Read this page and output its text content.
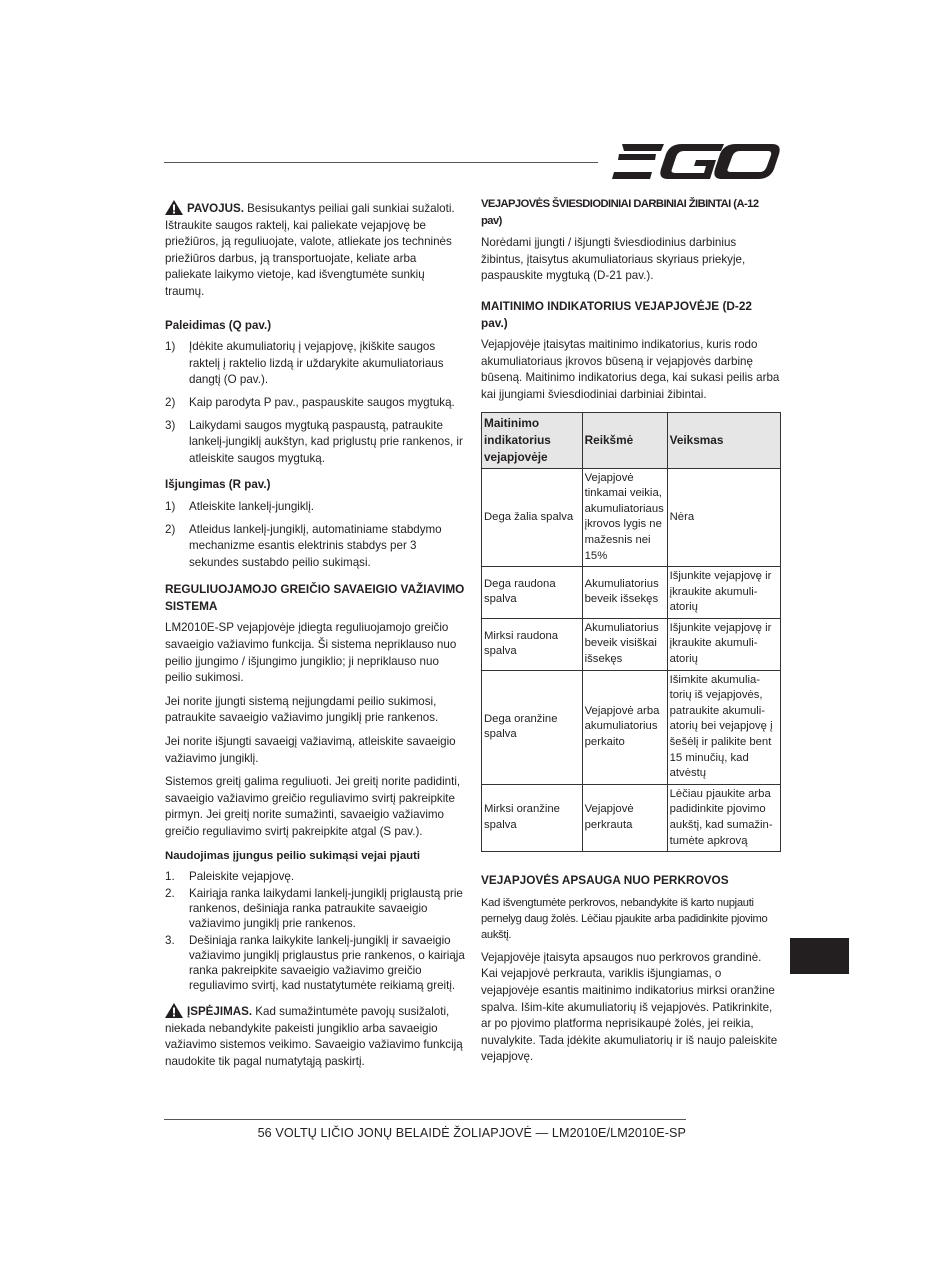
PAVOJUS. Besisukantys peiliai gali sunkiai sužaloti. Ištraukite saugos raktelį, kai paliekate vejapjovę be priežiūros, ją reguliuojate, valote, atliekate jos techninės priežiūros darbus, ją transportuojate, keliate arba paliekate laikymo vietoje, kad išvengtumėte sunkių traumų.

Paleidimas (Q pav.)
1) Įdėkite akumuliatorių į vejapjovę, įkiškite saugos raktelį į raktelio lizdą ir uždarykite akumuliatoriaus dangtį (O pav.).
2) Kaip parodyta P pav., paspauskite saugos mygtuką.
3) Laikydami saugos mygtuką paspaustą, patraukite lankelį-jungiklį aukštyn, kad priglustų prie rankenos, ir atleiskite saugos mygtuką.
Išjungimas (R pav.)
1) Atleiskite lankelį-jungiklį.
2) Atleidus lankelį-jungiklį, automatiniame stabdymo mechanizme esantis elektrinis stabdys per 3 sekundes sustabdo peilio sukimąsi.
REGULIUOJAMOJO GREIČIO SAVAEIGIO VAŽIAVIMO SISTEMA

LM2010E-SP vejapjovėje įdiegta reguliuojamojo greičio savaeigio važiavimo funkcija. Ši sistema nepriklauso nuo peilio įjungimo / išjungimo jungiklio; ji nepriklauso nuo peilio sukimosi.

Jei norite įjungti sistemą neįjungdami peilio sukimosi, patraukite savaeigio važiavimo jungiklį prie rankenos.

Jei norite išjungti savaeigį važiavimą, atleiskite savaeigio važiavimo jungiklį.

Sistemos greitį galima reguliuoti. Jei greitį norite padidinti, savaeigio važiavimo greičio reguliavimo svirtį pakreipkite pirmyn. Jei greitį norite sumažinti, savaeigio važiavimo greičio reguliavimo svirtį pakreipkite atgal (S pav.).

Naudojimas įjungus peilio sukimąsi vejai pjauti
1. Paleiskite vejapjovę.
2. Kairiąja ranka laikydami lankelį-jungiklį priglaustą prie rankenos, dešiniąja ranka patraukite savaeigio važiavimo jungiklį prie rankenos.
3. Dešiniąja ranka laikykite lankelį-jungiklį ir savaeigio važiavimo jungiklį priglaustus prie rankenos, o kairiąja ranka pakreipkite savaeigio važiavimo greičio reguliavimo svirtį, kad nustatytumėte reikiamą greitį.

ĮSPĖJIMAS. Kad sumažintumėte pavojų susižaloti, niekada nebandykite pakeisti jungiklio arba savaeigio važiavimo sistemos veikimo. Savaeigio važiavimo funkciją naudokite tik pagal numatytąją paskirtį.

VEJAPJOVĖS ŠVIESDIODINIAI DARBINIAI ŽIBINTAI (A-12 pav)

Norėdami įjungti / išjungti šviesdiodinius darbinius žibintus, įtaisytus akumuliatoriaus skyriaus priekyje, paspauskite mygtuką (D-21 pav.).

MAITINIMO INDIKATORIUS VEJAPJOVĖJE (D-22 pav.)

Vejapjovėje įtaisytas maitinimo indikatorius, kuris rodo akumuliatoriaus įkrovos būseną ir vejapjovės darbinę būseną. Maitinimo indikatorius dega, kai sukasi peilis arba kai įjungiami šviesdiodiniai darbiniai žibintai.

Maitinimo indikatorius vejapjovėje	Reikšmė	Veiksmas
Dega žalia spalva	Vejapjovė tinkamai veikia, akumuliatoriaus įkrovos lygis ne mažesnis nei 15%	Nėra
Dega raudona spalva	Akumuliatorius beveik išsekęs	Išjunkite vejapjovę ir įkraukite akumuli-atorių
Mirksi raudona spalva	Akumuliatorius beveik visiškai išsekęs	Išjunkite vejapjovę ir įkraukite akumuli-atorių
Dega oranžine spalva	Vejapjovė arba akumuliatorius perkaito	Išimkite akumulia-torių iš vejapjovės, patraukite akumuli-atorių bei vejapjovę į šešėlį ir palikite bent 15 minučių, kad atvėstų
Mirksi oranžine spalva	Vejapjovė perkrauta	Lėčiau pjaukite arba padidinkite pjovimo aukštį, kad sumažin-tumėte apkrovą
VEJAPJOVĖS APSAUGA NUO PERKROVOS

Kad išvengtumėte perkrovos, nebandykite iš karto nupjauti pernelyg daug žolės. Lėčiau pjaukite arba padidinkite pjovimo aukštį.

Vejapjovėje įtaisyta apsaugos nuo perkrovos grandinė. Kai vejapjovė perkrauta, variklis išjungiamas, o vejapjovėje esantis maitinimo indikatorius mirksi oranžine spalva. Išim-kite akumuliatorių iš vejapjovės. Patikrinkite, ar po pjovimo platforma neprisikaupė žolės, jei reikia, nuvalykite. Tada įdėkite akumuliatorių ir iš naujo paleiskite vejapjovę.

56 VOLTŲ LIČIO JONŲ BELAIDĖ ŽOLIAPJOVĖ — LM2010E/LM2010E-SP
